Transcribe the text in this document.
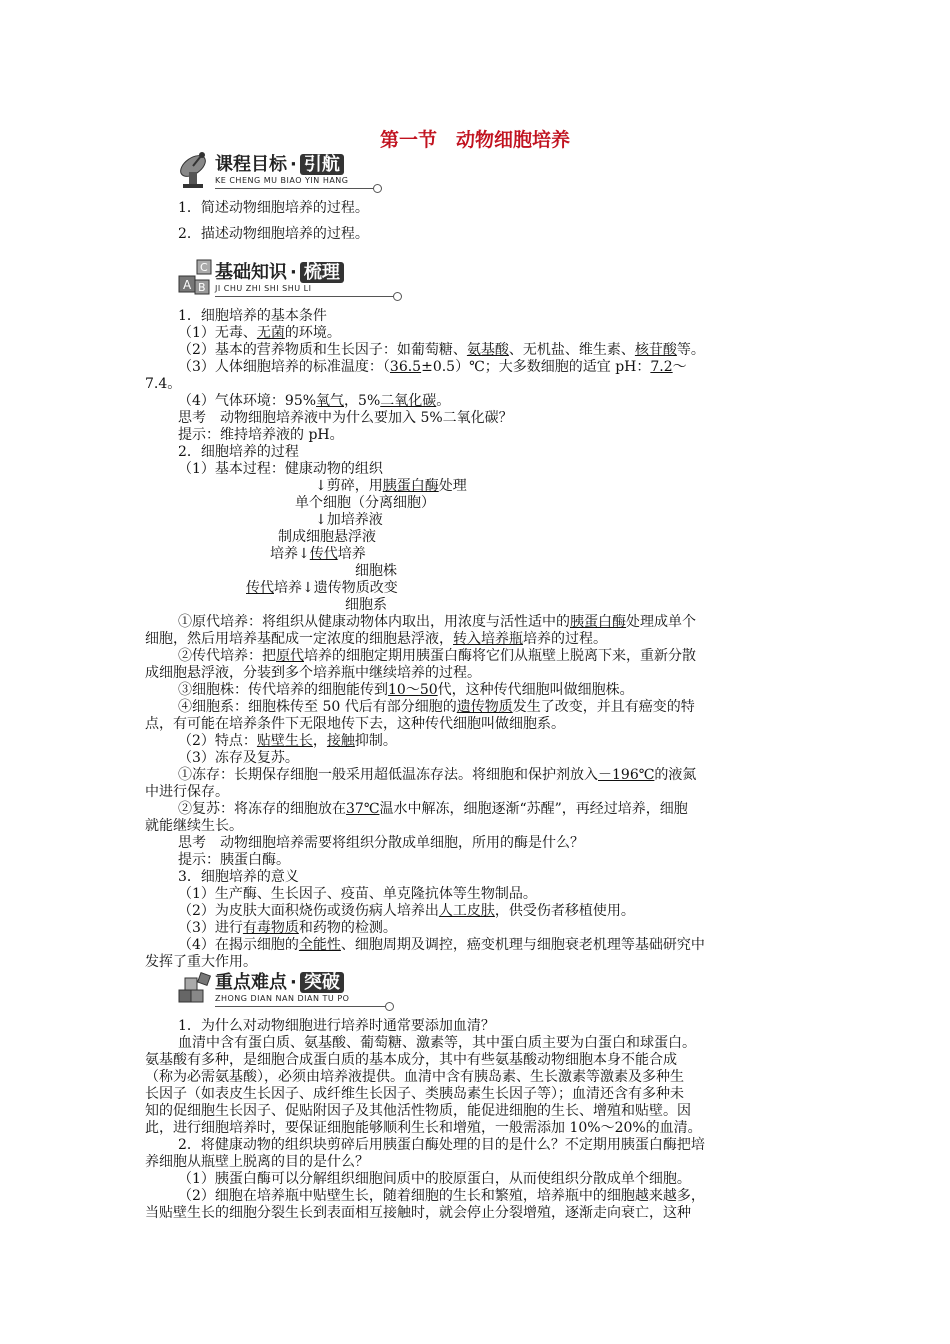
第一节　动物细胞培养
课程目标 · 引航
KE CHENG MU BIAO YIN HANG
1．简述动物细胞培养的过程。
2．描述动物细胞培养的过程。
A B
C 基础知识 · 梳理
JI CHU ZHI SHI SHU LI
1．细胞培养的基本条件
（1）无毒、无菌的环境。
（2）基本的营养物质和生长因子：如葡萄糖、氨基酸、无机盐、维生素、核苷酸等。
（3）人体细胞培养的标准温度：（36.5±0.5）℃；大多数细胞的适宜 pH：7.2～
7.4。
（4）气体环境：95%氧气，5%二氧化碳。
思考　动物细胞培养液中为什么要加入 5%二氧化碳？
提示：维持培养液的 pH。
2．细胞培养的过程
（1）基本过程：健康动物的组织
↓剪碎，用胰蛋白酶处理
单个细胞（分离细胞）
↓加培养液
制成细胞悬浮液
培养↓传代培养
细胞株
传代培养↓遗传物质改变
细胞系
①原代培养：将组织从健康动物体内取出，用浓度与活性适中的胰蛋白酶处理成单个
细胞，然后用培养基配成一定浓度的细胞悬浮液，转入培养瓶培养的过程。
②传代培养：把原代培养的细胞定期用胰蛋白酶将它们从瓶壁上脱离下来，重新分散
成细胞悬浮液，分装到多个培养瓶中继续培养的过程。
③细胞株：传代培养的细胞能传到10～50代，这种传代细胞叫做细胞株。
④细胞系：细胞株传至 50 代后有部分细胞的遗传物质发生了改变，并且有癌变的特
点，有可能在培养条件下无限地传下去，这种传代细胞叫做细胞系。
（2）特点：贴壁生长，接触抑制。
（3）冻存及复苏。
①冻存：长期保存细胞一般采用超低温冻存法。将细胞和保护剂放入－196℃的液氮
中进行保存。
②复苏：将冻存的细胞放在37℃温水中解冻，细胞逐渐“苏醒”，再经过培养，细胞
就能继续生长。
思考　动物细胞培养需要将组织分散成单细胞，所用的酶是什么？
提示：胰蛋白酶。
3．细胞培养的意义
（1）生产酶、生长因子、疫苗、单克隆抗体等生物制品。
（2）为皮肤大面积烧伤或烫伤病人培养出人工皮肤，供受伤者移植使用。
（3）进行有毒物质和药物的检测。
（4）在揭示细胞的全能性、细胞周期及调控，癌变机理与细胞衰老机理等基础研究中
发挥了重大作用。
重点难点 · 突破
ZHONG DIAN NAN DIAN TU PO
1．为什么对动物细胞进行培养时通常要添加血清？
血清中含有蛋白质、氨基酸、葡萄糖、激素等，其中蛋白质主要为白蛋白和球蛋白。
氨基酸有多种，是细胞合成蛋白质的基本成分，其中有些氨基酸动物细胞本身不能合成
（称为必需氨基酸），必须由培养液提供。血清中含有胰岛素、生长激素等激素及多种生
长因子（如表皮生长因子、成纤维生长因子、类胰岛素生长因子等）；血清还含有多种未
知的促细胞生长因子、促贴附因子及其他活性物质，能促进细胞的生长、增殖和贴壁。因
此，进行细胞培养时，要保证细胞能够顺利生长和增殖，一般需添加 10%～20%的血清。
2．将健康动物的组织块剪碎后用胰蛋白酶处理的目的是什么？不定期用胰蛋白酶把培
养细胞从瓶壁上脱离的目的是什么？
（1）胰蛋白酶可以分解组织细胞间质中的胶原蛋白，从而使组织分散成单个细胞。
（2）细胞在培养瓶中贴壁生长，随着细胞的生长和繁殖，培养瓶中的细胞越来越多，
当贴壁生长的细胞分裂生长到表面相互接触时，就会停止分裂增殖，逐渐走向衰亡，这种
